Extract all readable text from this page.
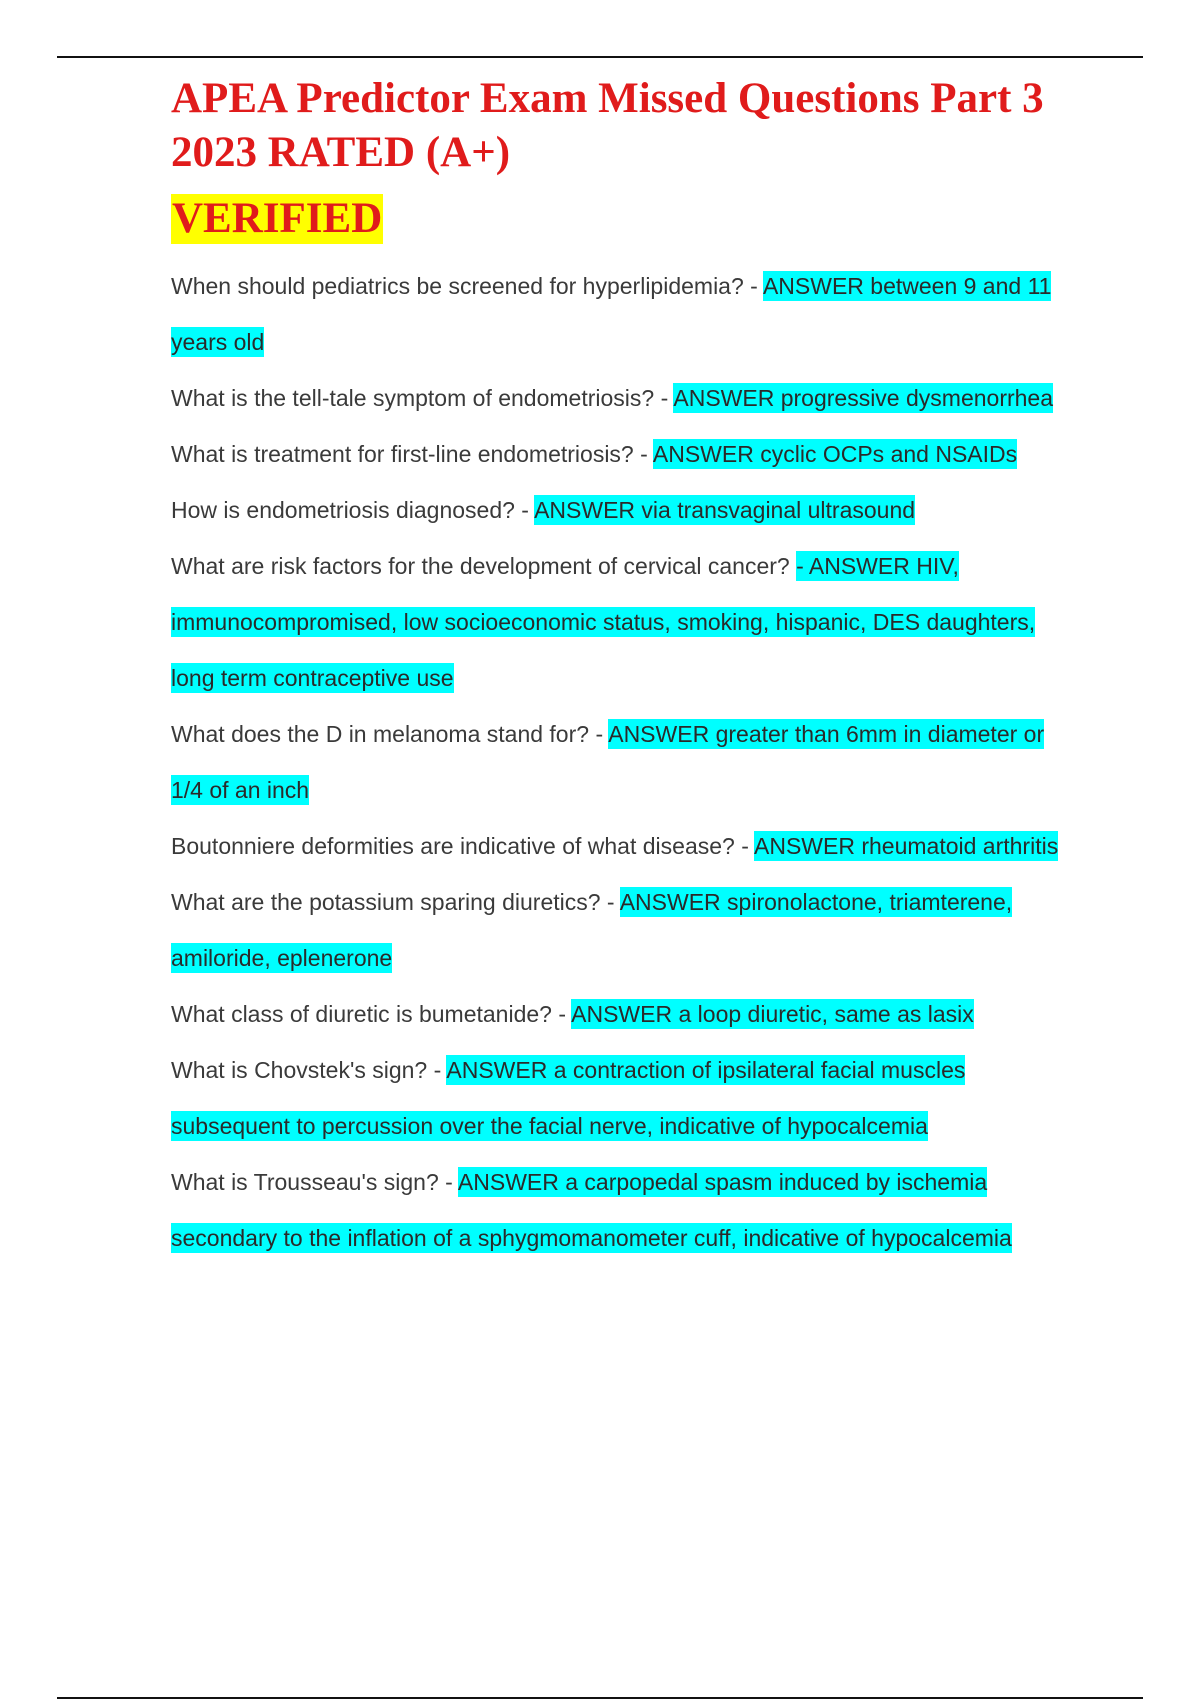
APEA Predictor Exam Missed Questions Part 3 2023 RATED (A+)
VERIFIED

When should pediatrics be screened for hyperlipidemia? - ANSWER between 9 and 11 years old

What is the tell-tale symptom of endometriosis? - ANSWER progressive dysmenorrhea

What is treatment for first-line endometriosis? - ANSWER cyclic OCPs and NSAIDs

How is endometriosis diagnosed? - ANSWER via transvaginal ultrasound

What are risk factors for the development of cervical cancer? - ANSWER HIV, immunocompromised, low socioeconomic status, smoking, hispanic, DES daughters, long term contraceptive use

What does the D in melanoma stand for? - ANSWER greater than 6mm in diameter or 1/4 of an inch

Boutonniere deformities are indicative of what disease? - ANSWER rheumatoid arthritis

What are the potassium sparing diuretics? - ANSWER spironolactone, triamterene, amiloride, eplenerone

What class of diuretic is bumetanide? - ANSWER a loop diuretic, same as lasix

What is Chovstek's sign? - ANSWER a contraction of ipsilateral facial muscles subsequent to percussion over the facial nerve, indicative of hypocalcemia

What is Trousseau's sign? - ANSWER a carpopedal spasm induced by ischemia secondary to the inflation of a sphygmomanometer cuff, indicative of hypocalcemia
